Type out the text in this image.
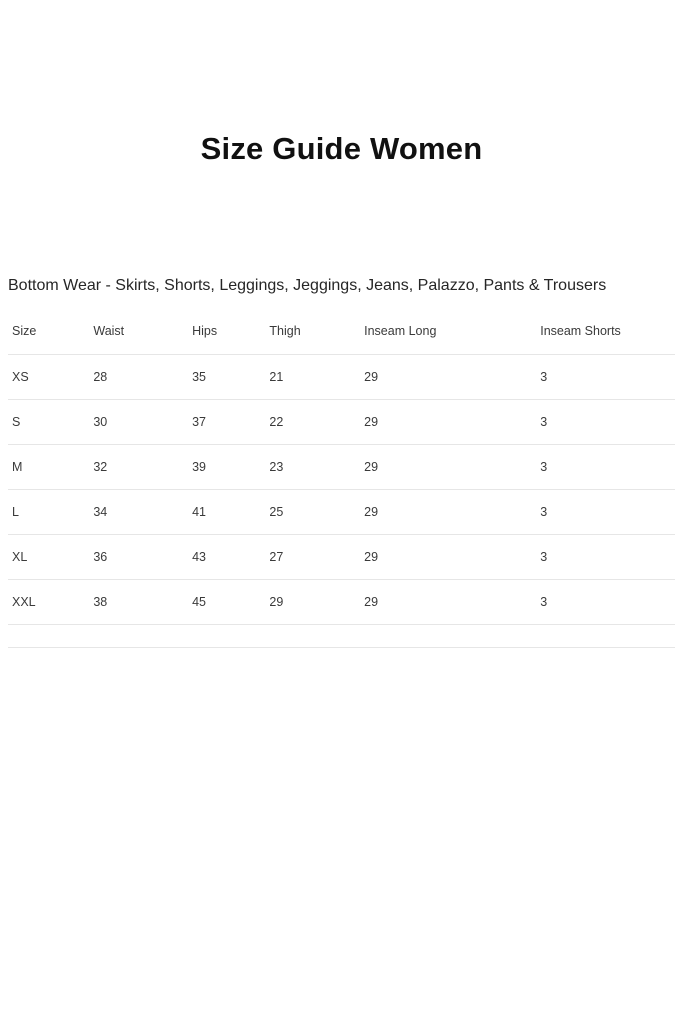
Size Guide Women
Bottom Wear - Skirts, Shorts, Leggings, Jeggings, Jeans, Palazzo, Pants & Trousers
Size	Waist	Hips	Thigh	Inseam Long	Inseam Shorts
XS	28	35	21	29	3
S	30	37	22	29	3
M	32	39	23	29	3
L	34	41	25	29	3
XL	36	43	27	29	3
XXL	38	45	29	29	3
